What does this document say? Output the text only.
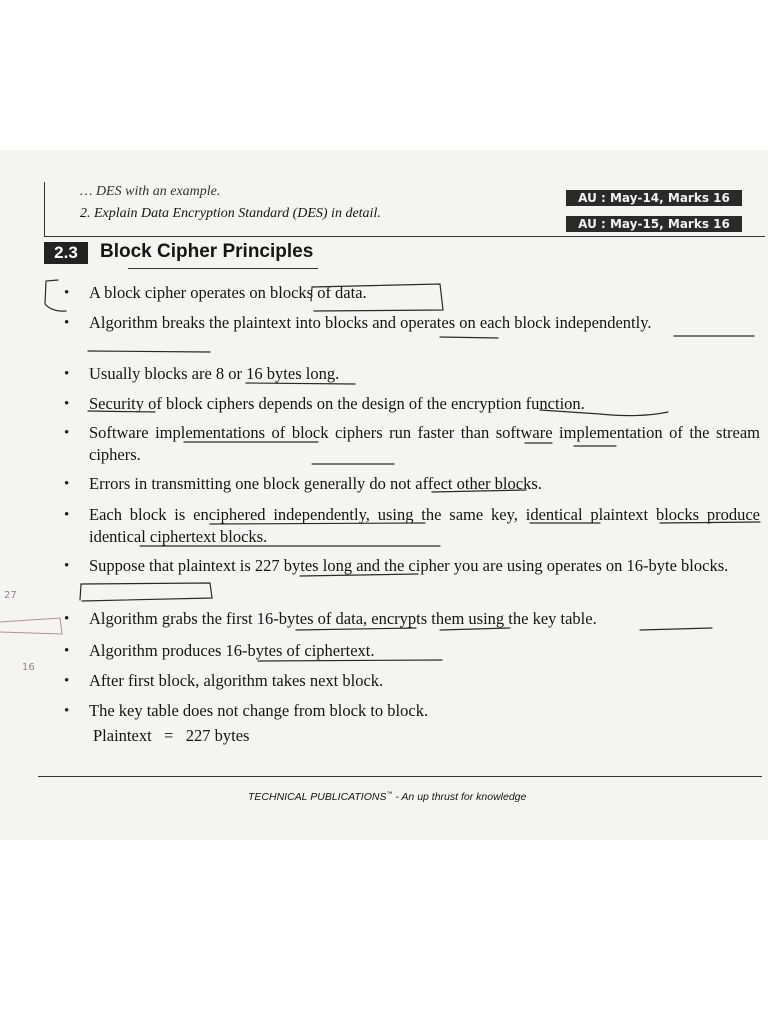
… DES with an example.
2. Explain Data Encryption Standard (DES) in detail.
AU : May-14, Marks 16
AU : May-15, Marks 16
2.3	Block Cipher Principles
•	A block cipher operates on blocks of data.
•	Algorithm breaks the plaintext into blocks and operates on each block independently.
•	Usually blocks are 8 or 16 bytes long.
•	Security of block ciphers depends on the design of the encryption function.
•	Software implementations of block ciphers run faster than software implementation of the stream ciphers.
•	Errors in transmitting one block generally do not affect other blocks.
•	Each block is enciphered independently, using the same key, identical plaintext blocks produce identical ciphertext blocks.
•	Suppose that plaintext is 227 bytes long and the cipher you are using operates on 16-byte blocks.
•	Algorithm grabs the first 16-bytes of data, encrypts them using the key table.
•	Algorithm produces 16-bytes of ciphertext.
•	After first block, algorithm takes next block.
•	The key table does not change from block to block.
Plaintext = 227 bytes
TECHNICAL PUBLICATIONS™ - An up thrust for knowledge
27
16
